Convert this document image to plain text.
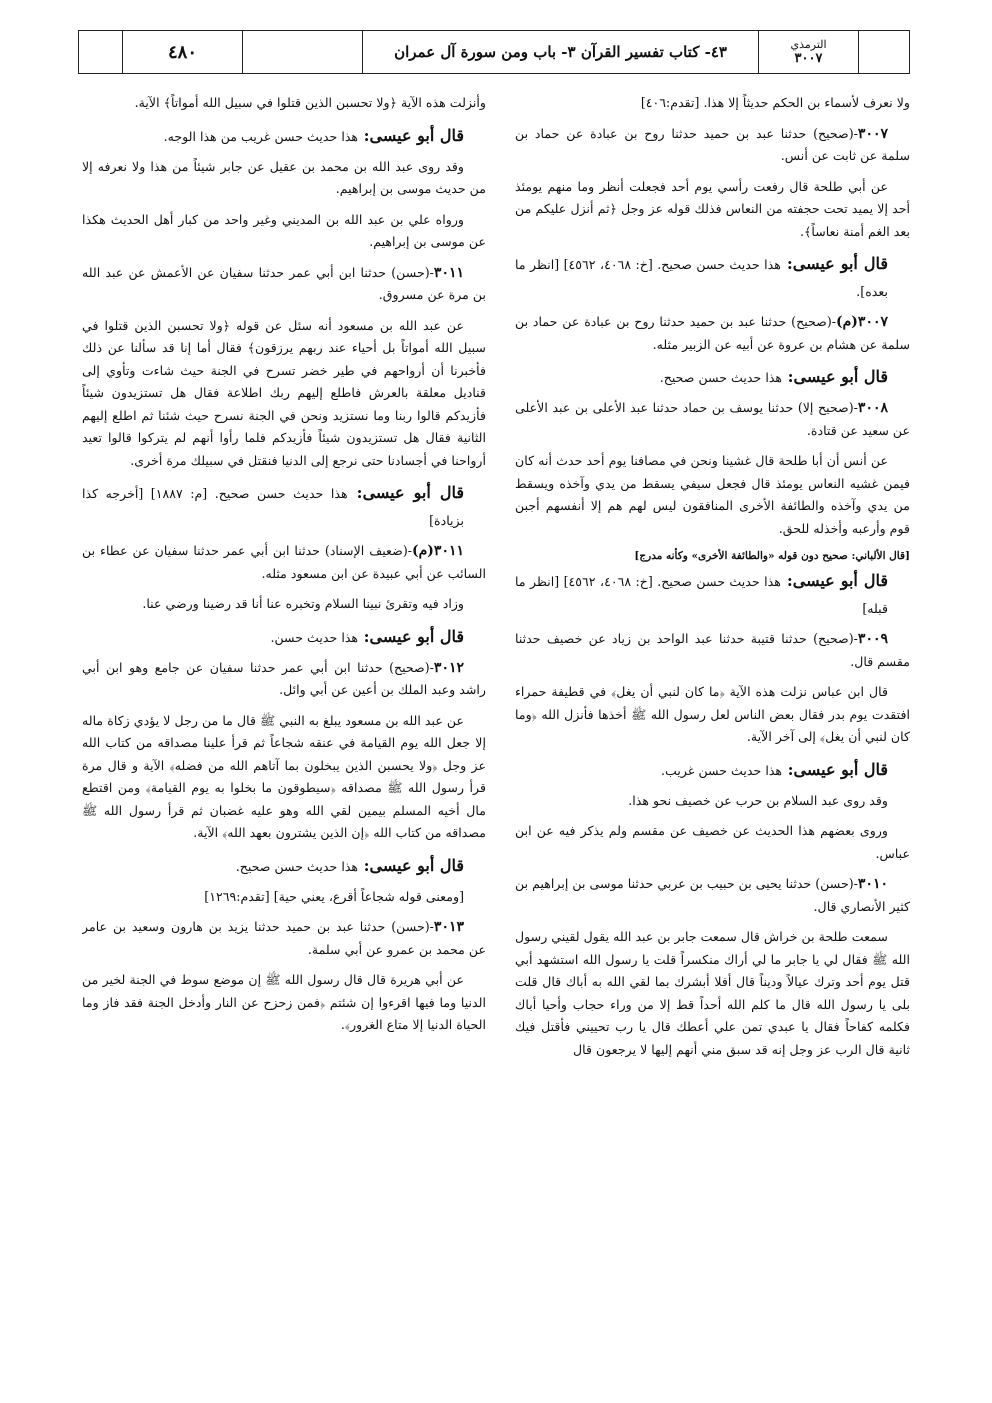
٤٨٠	٤٣- كتاب تفسير القرآن ٣- باب ومن سورة آل عمران	الترمذي
٣٠٠٧
ولا نعرف لأسماء بن الحكم حديثاً إلا هذا. [تقدم:٤٠٦]
٣٠٠٧-(صحيح) حدثنا عبد بن حميد حدثنا روح بن عبادة عن حماد بن سلمة عن ثابت عن أنس.
عن أبي طلحة قال رفعت رأسي يوم أحد فجعلت أنظر وما منهم يومئذ أحد إلا يميد تحت حجفته من النعاس فذلك قوله عز وجل ﴿ثم أنزل عليكم من بعد الغم أمنة نعاساً﴾.
قال أبو عيسى: هذا حديث حسن صحيح. [خ: ٤٠٦٨، ٤٥٦٢] [انظر ما بعده].
٣٠٠٧(م)-(صحيح) حدثنا عبد بن حميد حدثنا روح بن عبادة عن حماد بن سلمة عن هشام بن عروة عن أبيه عن الزبير مثله.
قال أبو عيسى: هذا حديث حسن صحيح.
٣٠٠٨-(صحيح إلا) حدثنا يوسف بن حماد حدثنا عبد الأعلى بن عبد الأعلى عن سعيد عن قتادة.
عن أنس أن أبا طلحة قال غشينا ونحن في مصافنا يوم أحد حدث أنه كان فيمن غشيه النعاس يومئذ قال فجعل سيفي يسقط من يدي وآخذه ويسقط من يدي وآخذه والطائفة الأخرى المنافقون ليس لهم هم إلا أنفسهم أجبن قوم وأرعبه وأخذله للحق.
[قال الألباني: صحيح دون قوله «والطائفة الأخرى» وكأنه مدرج]
قال أبو عيسى: هذا حديث حسن صحيح. [خ: ٤٠٦٨، ٤٥٦٢] [انظر ما قبله]
٣٠٠٩-(صحيح) حدثنا قتيبة حدثنا عبد الواحد بن زياد عن خصيف حدثنا مقسم قال.
قال ابن عباس نزلت هذه الآية ﴿ما كان لنبي أن يغل﴾ في قطيفة حمراء افتقدت يوم بدر فقال بعض الناس لعل رسول الله ﷺ أخذها فأنزل الله ﴿وما كان لنبي أن يغل﴾ إلى آخر الآية.
قال أبو عيسى: هذا حديث حسن غريب.
وقد روى عبد السلام بن حرب عن خصيف نحو هذا.
وروى بعضهم هذا الحديث عن خصيف عن مقسم ولم يذكر فيه عن ابن عباس.
٣٠١٠-(حسن) حدثنا يحيى بن حبيب بن عربي حدثنا موسى بن إبراهيم بن كثير الأنصاري قال.
سمعت طلحة بن خراش قال سمعت جابر بن عبد الله يقول لقيني رسول الله ﷺ فقال لي يا جابر ما لي أراك منكسراً قلت يا رسول الله استشهد أبي قتل يوم أحد وترك عيالاً وديناً قال أفلا أبشرك بما لقي الله به أباك قال قلت بلى يا رسول الله قال ما كلم الله أحداً قط إلا من وراء حجاب وأحيا أباك فكلمه كفاحاً فقال يا عبدي تمن علي أعطك قال يا رب تحييني فأقتل فيك ثانية قال الرب عز وجل إنه قد سبق مني أنهم إليها لا يرجعون قال
وأنزلت هذه الآية ﴿ولا تحسبن الذين قتلوا في سبيل الله أمواتاً﴾ الآية.
قال أبو عيسى: هذا حديث حسن غريب من هذا الوجه.
وقد روى عبد الله بن محمد بن عقيل عن جابر شيئاً من هذا ولا نعرفه إلا من حديث موسى بن إبراهيم.
ورواه علي بن عبد الله بن المديني وغير واحد من كبار أهل الحديث هكذا عن موسى بن إبراهيم.
٣٠١١-(حسن) حدثنا ابن أبي عمر حدثنا سفيان عن الأعمش عن عبد الله بن مرة عن مسروق.
عن عبد الله بن مسعود أنه سئل عن قوله ﴿ولا تحسبن الذين قتلوا في سبيل الله أمواتاً بل أحياء عند ربهم يرزقون﴾ فقال أما إنا قد سألنا عن ذلك فأخبرنا أن أرواحهم في طير خضر تسرح في الجنة حيث شاءت وتأوي إلى قناديل معلقة بالعرش فاطلع إليهم ربك اطلاعة فقال هل تستزيدون شيئاً فأزيدكم قالوا ربنا وما نستزيد ونحن في الجنة نسرح حيث شئنا ثم اطلع إليهم الثانية فقال هل تستزيدون شيئاً فأزيدكم فلما رأوا أنهم لم يتركوا قالوا تعيد أرواحنا في أجسادنا حتى نرجع إلى الدنيا فنقتل في سبيلك مرة أخرى.
قال أبو عيسى: هذا حديث حسن صحيح. [م: ١٨٨٧] [أخرجه كذا بزيادة]
٣٠١١(م)-(ضعيف الإسناد) حدثنا ابن أبي عمر حدثنا سفيان عن عطاء بن السائب عن أبي عبيدة عن ابن مسعود مثله.
وزاد فيه وتقرئ نبينا السلام وتخبره عنا أنا قد رضينا ورضي عنا.
قال أبو عيسى: هذا حديث حسن.
٣٠١٢-(صحيح) حدثنا ابن أبي عمر حدثنا سفيان عن جامع وهو ابن أبي راشد وعبد الملك بن أعين عن أبي وائل.
عن عبد الله بن مسعود يبلغ به النبي ﷺ قال ما من رجل لا يؤدي زكاة ماله إلا جعل الله يوم القيامة في عنقه شجاعاً ثم قرأ علينا مصداقه من كتاب الله عز وجل ﴿ولا يحسبن الذين يبخلون بما آتاهم الله من فضله﴾ الآية و قال مرة قرأ رسول الله ﷺ مصداقه ﴿سيطوقون ما بخلوا به يوم القيامة﴾ ومن اقتطع مال أخيه المسلم بيمين لقي الله وهو عليه غضبان ثم قرأ رسول الله ﷺ مصداقه من كتاب الله ﴿إن الذين يشترون بعهد الله﴾ الآية.
قال أبو عيسى: هذا حديث حسن صحيح.
[ومعنى قوله شجاعاً أقرع، يعني حية] [تقدم:١٢٦٩]
٣٠١٣-(حسن) حدثنا عبد بن حميد حدثنا يزيد بن هارون وسعيد بن عامر عن محمد بن عمرو عن أبي سلمة.
عن أبي هريرة قال قال رسول الله ﷺ إن موضع سوط في الجنة لخير من الدنيا وما فيها اقرءوا إن شئتم ﴿فمن زحزح عن النار وأدخل الجنة فقد فاز وما الحياة الدنيا إلا متاع الغرور﴾.
